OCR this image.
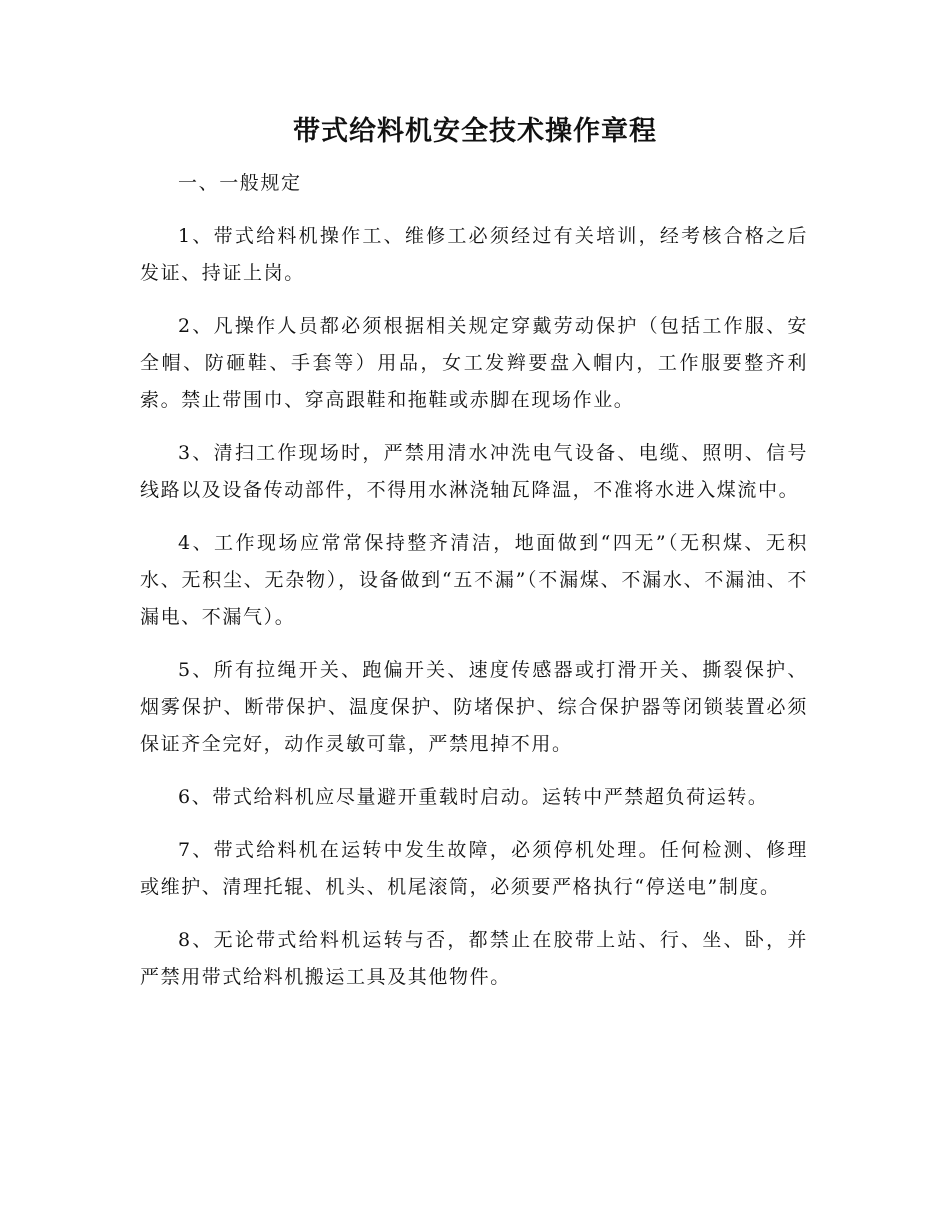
带式给料机安全技术操作章程

一、一般规定

1、带式给料机操作工、维修工必须经过有关培训，经考核合格之后发证、持证上岗。

2、凡操作人员都必须根据相关规定穿戴劳动保护（包括工作服、安全帽、防砸鞋、手套等）用品，女工发辫要盘入帽内，工作服要整齐利索。禁止带围巾、穿高跟鞋和拖鞋或赤脚在现场作业。

3、清扫工作现场时，严禁用清水冲洗电气设备、电缆、照明、信号线路以及设备传动部件，不得用水淋浇轴瓦降温，不准将水进入煤流中。

4、工作现场应常常保持整齐清洁，地面做到“四无”（无积煤、无积水、无积尘、无杂物），设备做到“五不漏”（不漏煤、不漏水、不漏油、不漏电、不漏气）。

5、所有拉绳开关、跑偏开关、速度传感器或打滑开关、撕裂保护、烟雾保护、断带保护、温度保护、防堵保护、综合保护器等闭锁装置必须保证齐全完好，动作灵敏可靠，严禁甩掉不用。

6、带式给料机应尽量避开重载时启动。运转中严禁超负荷运转。

7、带式给料机在运转中发生故障，必须停机处理。任何检测、修理或维护、清理托辊、机头、机尾滚筒，必须要严格执行“停送电”制度。

8、无论带式给料机运转与否，都禁止在胶带上站、行、坐、卧，并严禁用带式给料机搬运工具及其他物件。
